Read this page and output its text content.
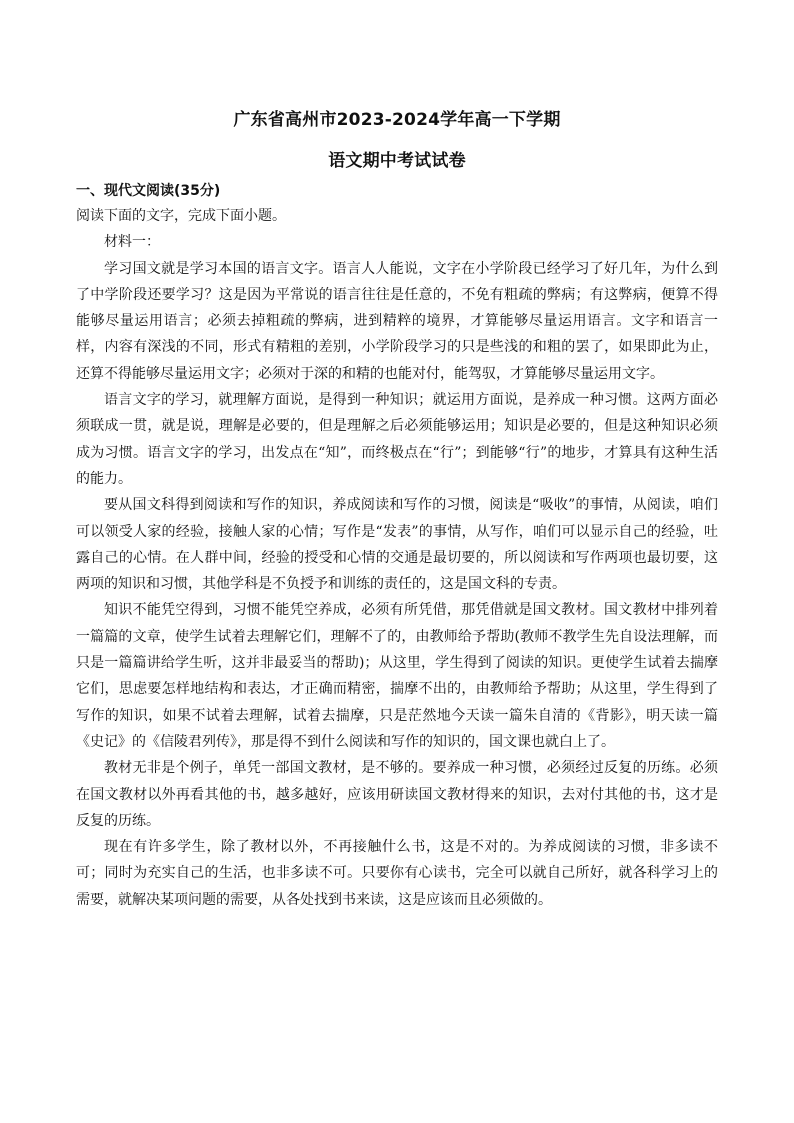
广东省高州市2023-2024学年高一下学期
语文期中考试试卷
一、现代文阅读(35分)

阅读下面的文字，完成下面小题。

材料一：

学习国文就是学习本国的语言文字。语言人人能说，文字在小学阶段已经学习了好几年，为什么到了中学阶段还要学习？这是因为平常说的语言往往是任意的，不免有粗疏的弊病；有这弊病，便算不得能够尽量运用语言；必须去掉粗疏的弊病，进到精粹的境界，才算能够尽量运用语言。文字和语言一样，内容有深浅的不同，形式有精粗的差别，小学阶段学习的只是些浅的和粗的罢了，如果即此为止，还算不得能够尽量运用文字；必须对于深的和精的也能对付，能驾驭，才算能够尽量运用文字。

语言文字的学习，就理解方面说，是得到一种知识；就运用方面说，是养成一种习惯。这两方面必须联成一贯，就是说，理解是必要的，但是理解之后必须能够运用；知识是必要的，但是这种知识必须成为习惯。语言文字的学习，出发点在“知”，而终极点在“行”；到能够“行”的地步，才算具有这种生活的能力。

要从国文科得到阅读和写作的知识，养成阅读和写作的习惯，阅读是“吸收”的事情，从阅读，咱们可以领受人家的经验，接触人家的心情；写作是“发表”的事情，从写作，咱们可以显示自己的经验，吐露自己的心情。在人群中间，经验的授受和心情的交通是最切要的，所以阅读和写作两项也最切要，这两项的知识和习惯，其他学科是不负授予和训练的责任的，这是国文科的专责。

知识不能凭空得到，习惯不能凭空养成，必须有所凭借，那凭借就是国文教材。国文教材中排列着一篇篇的文章，使学生试着去理解它们，理解不了的，由教师给予帮助(教师不教学生先自设法理解，而只是一篇篇讲给学生听，这并非最妥当的帮助)；从这里，学生得到了阅读的知识。更使学生试着去揣摩它们，思虑要怎样地结构和表达，才正确而精密，揣摩不出的，由教师给予帮助；从这里，学生得到了写作的知识，如果不试着去理解，试着去揣摩，只是茫然地今天读一篇朱自清的《背影》，明天读一篇《史记》的《信陵君列传》，那是得不到什么阅读和写作的知识的，国文课也就白上了。

教材无非是个例子，单凭一部国文教材，是不够的。要养成一种习惯，必须经过反复的历练。必须在国文教材以外再看其他的书，越多越好，应该用研读国文教材得来的知识，去对付其他的书，这才是反复的历练。

现在有许多学生，除了教材以外，不再接触什么书，这是不对的。为养成阅读的习惯，非多读不可；同时为充实自己的生活，也非多读不可。只要你有心读书，完全可以就自己所好，就各科学习上的需要，就解决某项问题的需要，从各处找到书来读，这是应该而且必须做的。
